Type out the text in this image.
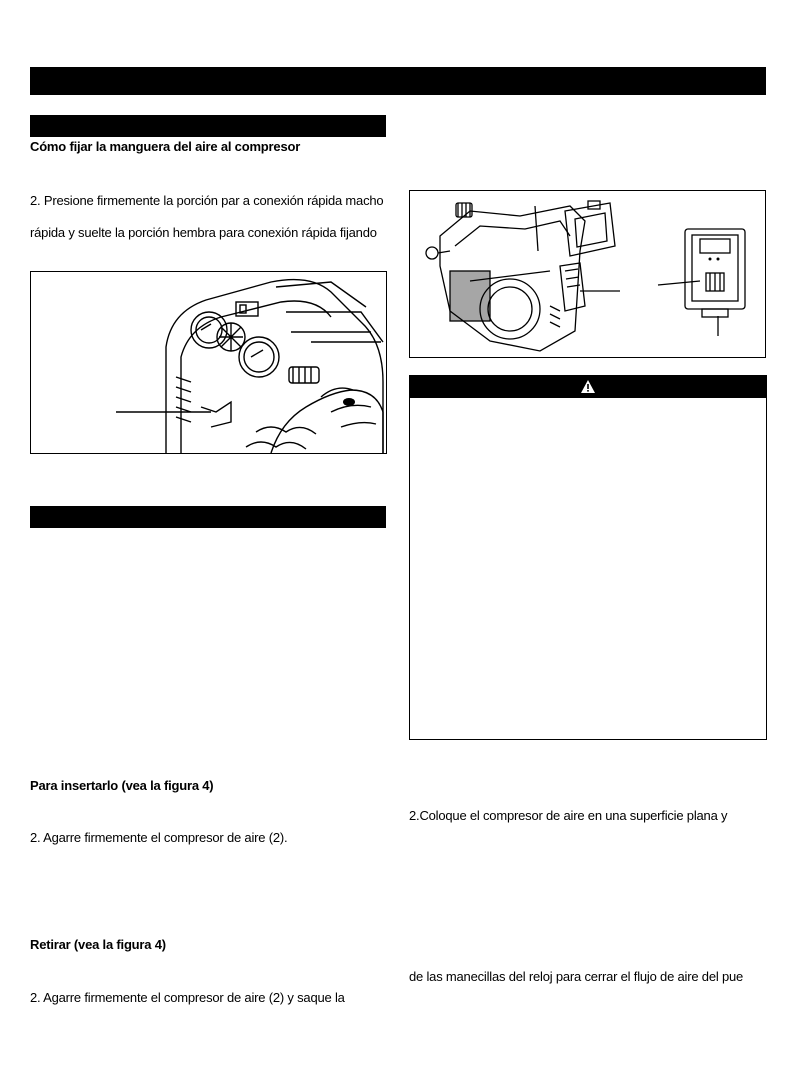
Cómo fijar la manguera del aire al compresor
2. Presione firmemente la porción par a conexión rápida macho
rápida y suelte la porción hembra para conexión rápida fijando
Para insertarlo (vea la figura 4)
2. Agarre firmemente el compresor de aire (2).
Retirar (vea la figura 4)
2. Agarre firmemente el compresor de aire (2) y saque la
2.Coloque el compresor de aire en una superficie plana y
de las manecillas del reloj para cerrar el flujo de aire del pue
